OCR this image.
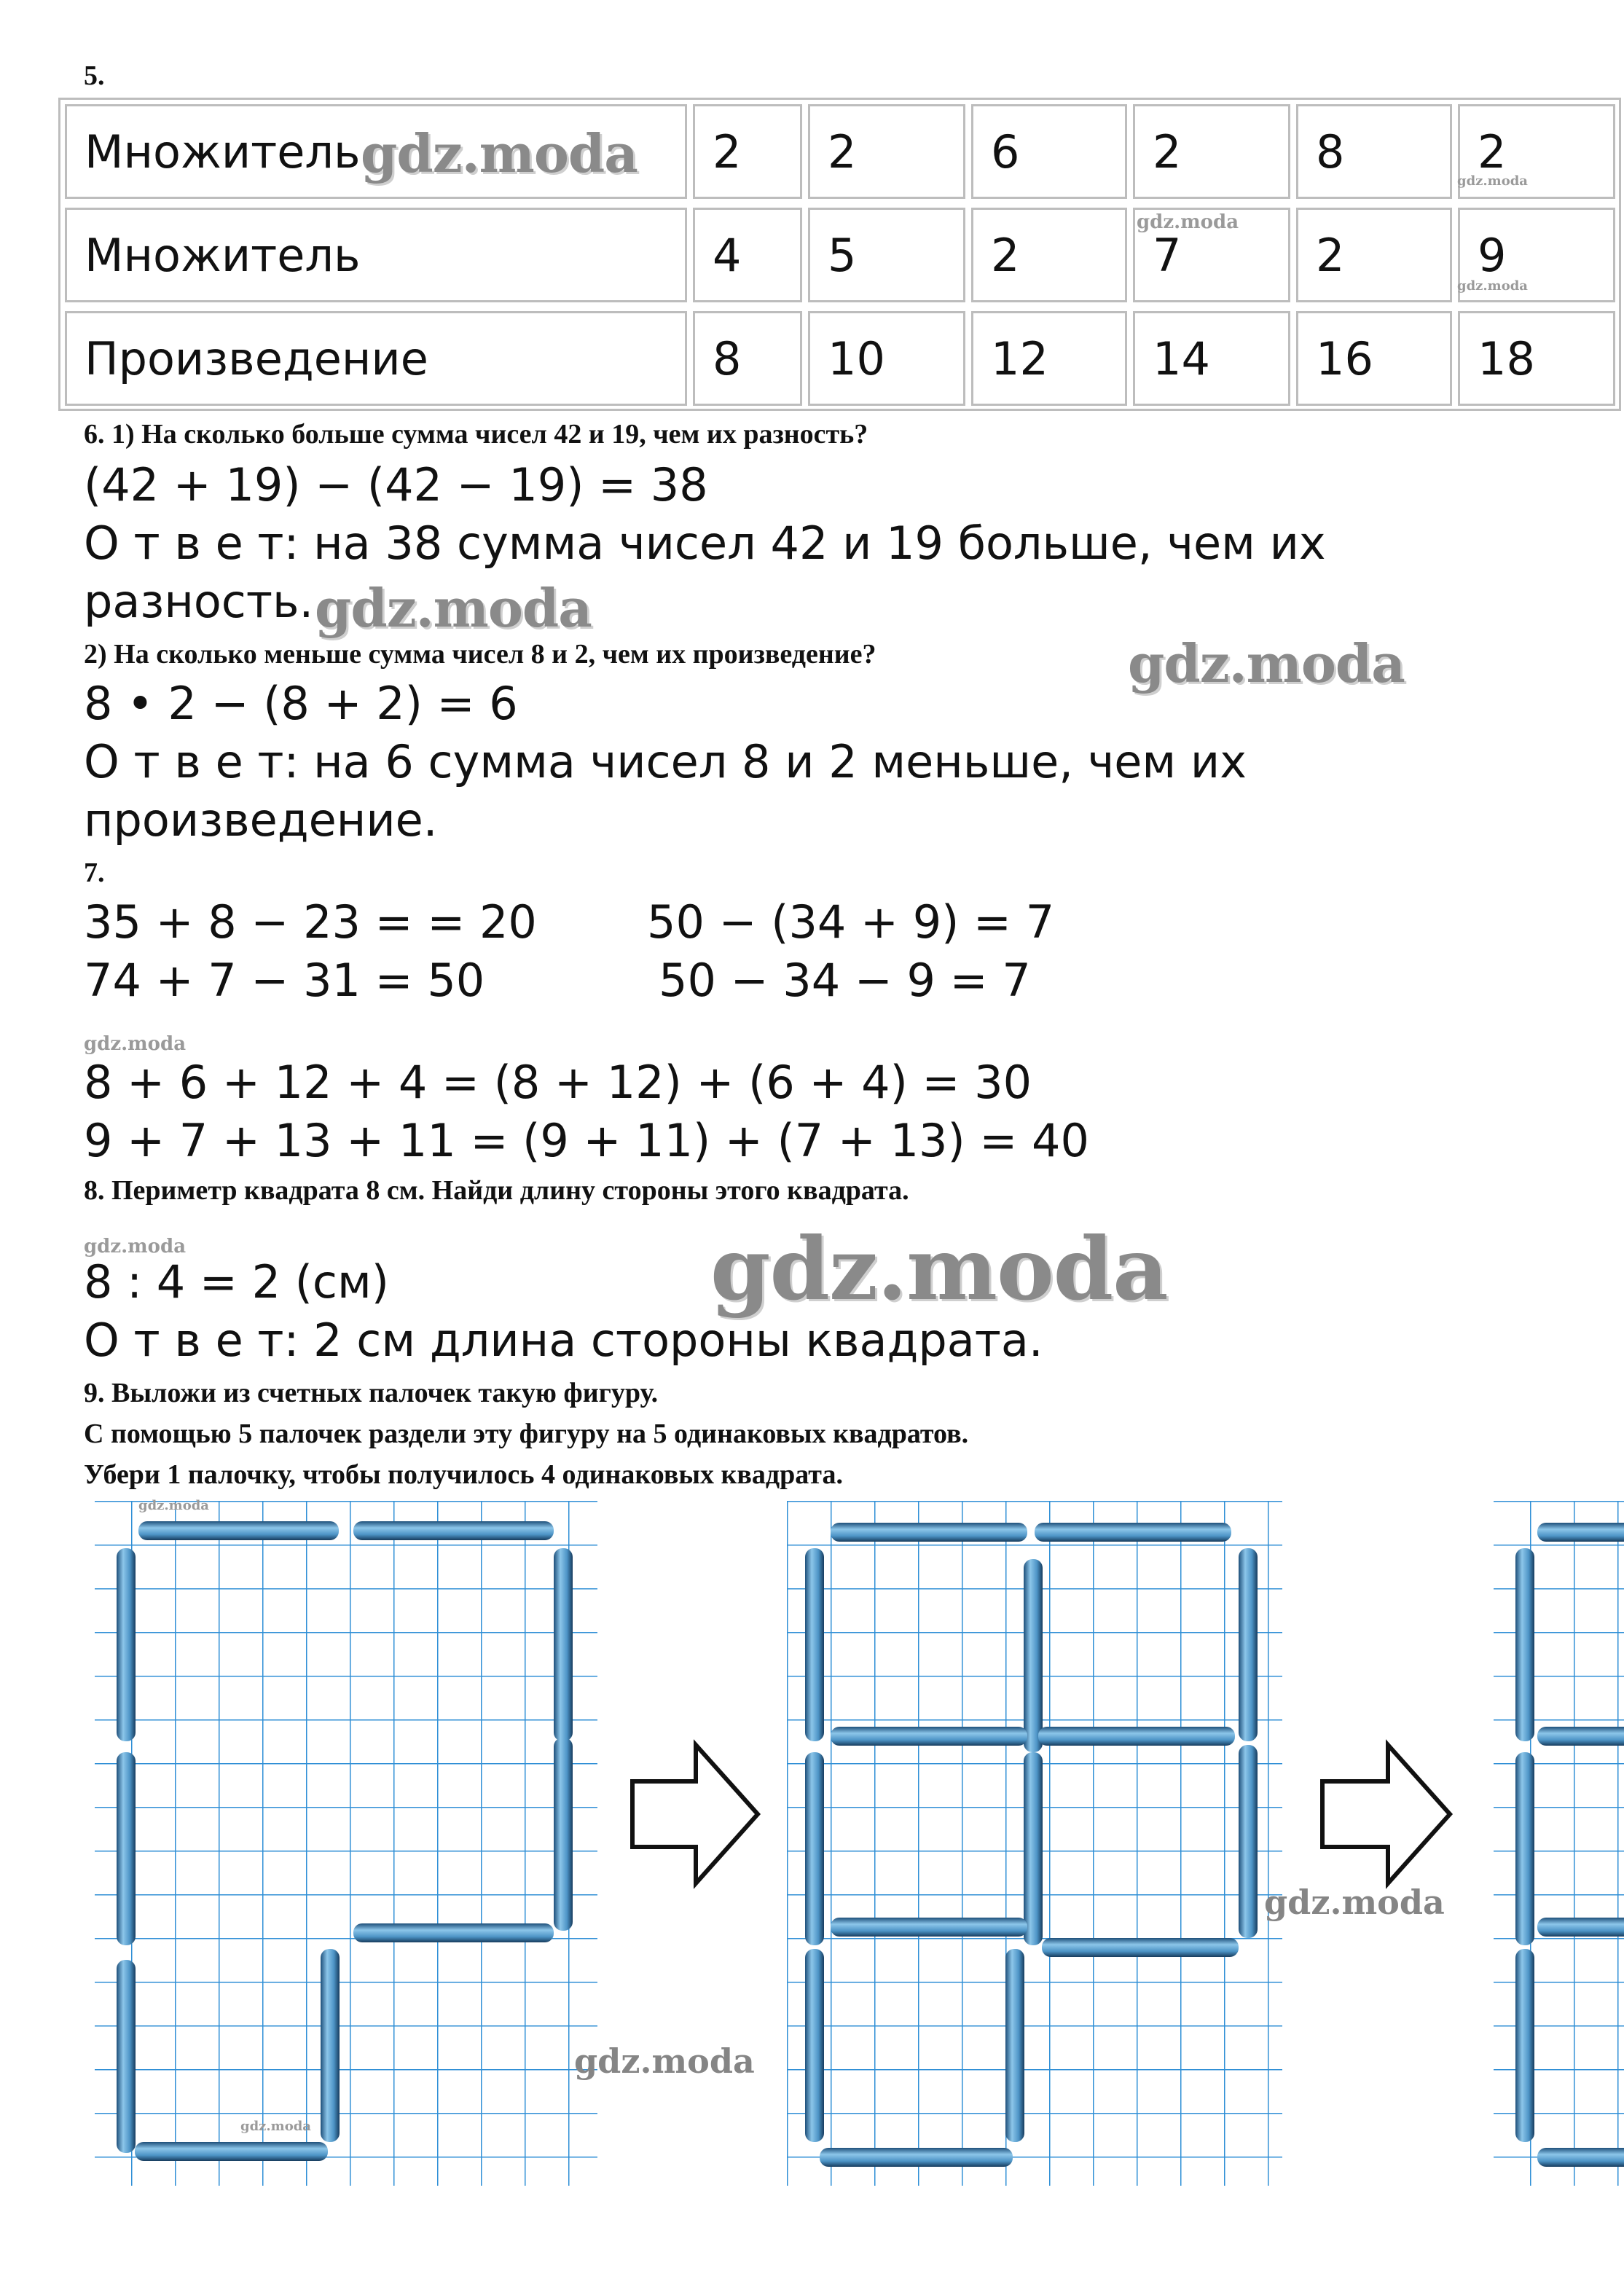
5.
Множитель	2	2	6	2	8	2
Множитель	4	5	2	7	2	9
Произведение	8	10	12	14	16	18
6. 1) На сколько больше сумма чисел 42 и 19, чем их разность?
(42 + 19) − (42 − 19) = 38
О т в е т: на 38 сумма чисел 42 и 19 больше, чем их
разность.
2) На сколько меньше сумма чисел 8 и 2, чем их произведение?
8 • 2 − (8 + 2) = 6
О т в е т: на 6 сумма чисел 8 и 2 меньше, чем их
произведение.
7.
35 + 8 − 23 = = 20 50 − (34 + 9) = 7
74 + 7 − 31 = 50	50 − 34 − 9 = 7
8 + 6 + 12 + 4 = (8 + 12) + (6 + 4) = 30
9 + 7 + 13 + 11 = (9 + 11) + (7 + 13) = 40
8. Периметр квадрата 8 см. Найди длину стороны этого квадрата.
8 : 4 = 2 (см)
О т в е т: 2 см длина стороны квадрата.
9. Выложи из счетных палочек такую фигуру.
С помощью 5 палочек раздели эту фигуру на 5 одинаковых квадратов.
Убери 1 палочку, чтобы получилось 4 одинаковых квадрата.
gdz.moda	gdz.moda
gdz.moda
gdz.moda
gdz.moda
gdz.moda
gdz.moda
gdz.moda	gdz.moda
gdz.moda
gdz.moda
gdz.moda
gdz.moda
